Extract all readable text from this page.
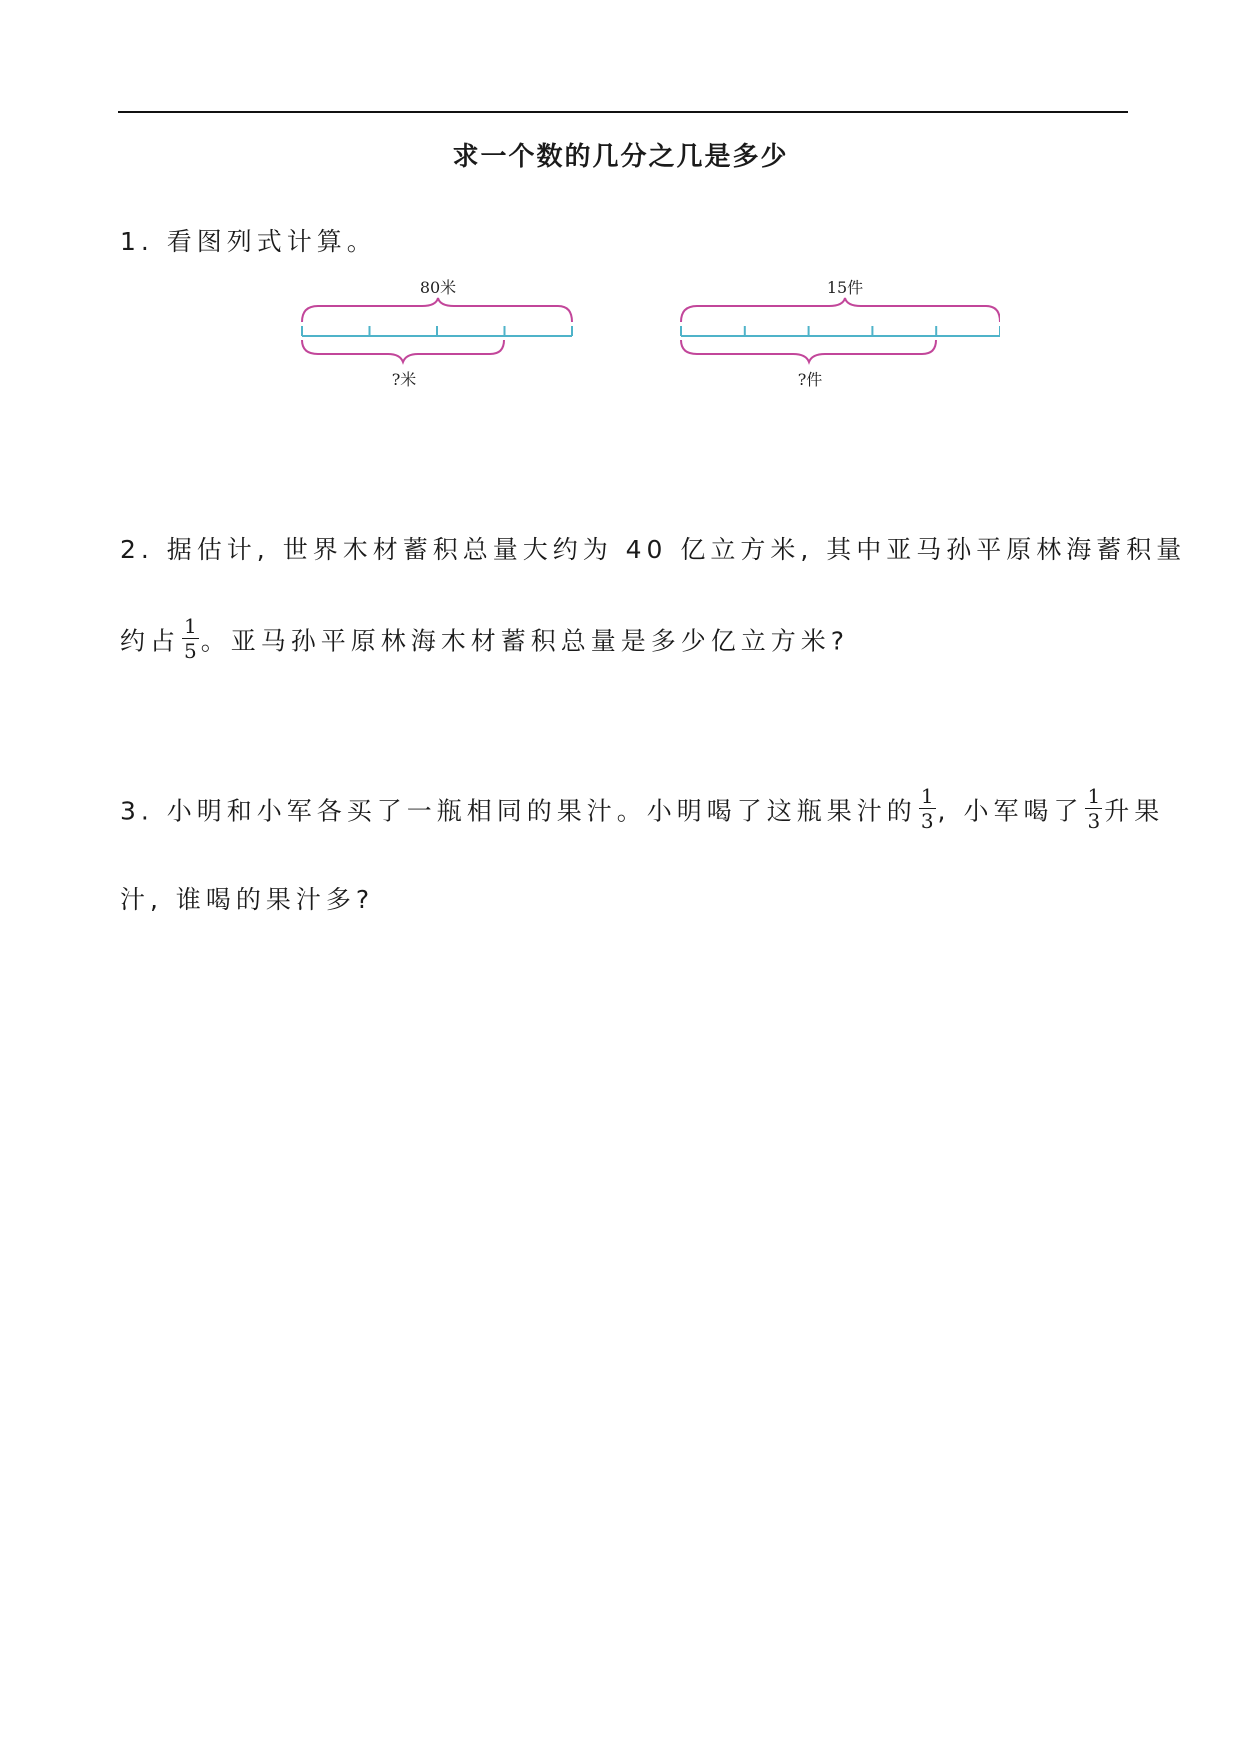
求一个数的几分之几是多少
1. 看图列式计算。
80米
?米
15件
?件
2. 据估计, 世界木材蓄积总量大约为 40 亿立方米, 其中亚马孙平原林海蓄积量
约占 $\frac{1}{5}$ 。亚马孙平原林海木材蓄积总量是多少亿立方米?
3. 小明和小军各买了一瓶相同的果汁。小明喝了这瓶果汁的 $\frac{1}{3}$ , 小军喝了 $\frac{1}{3}$ 升果
汁, 谁喝的果汁多?
